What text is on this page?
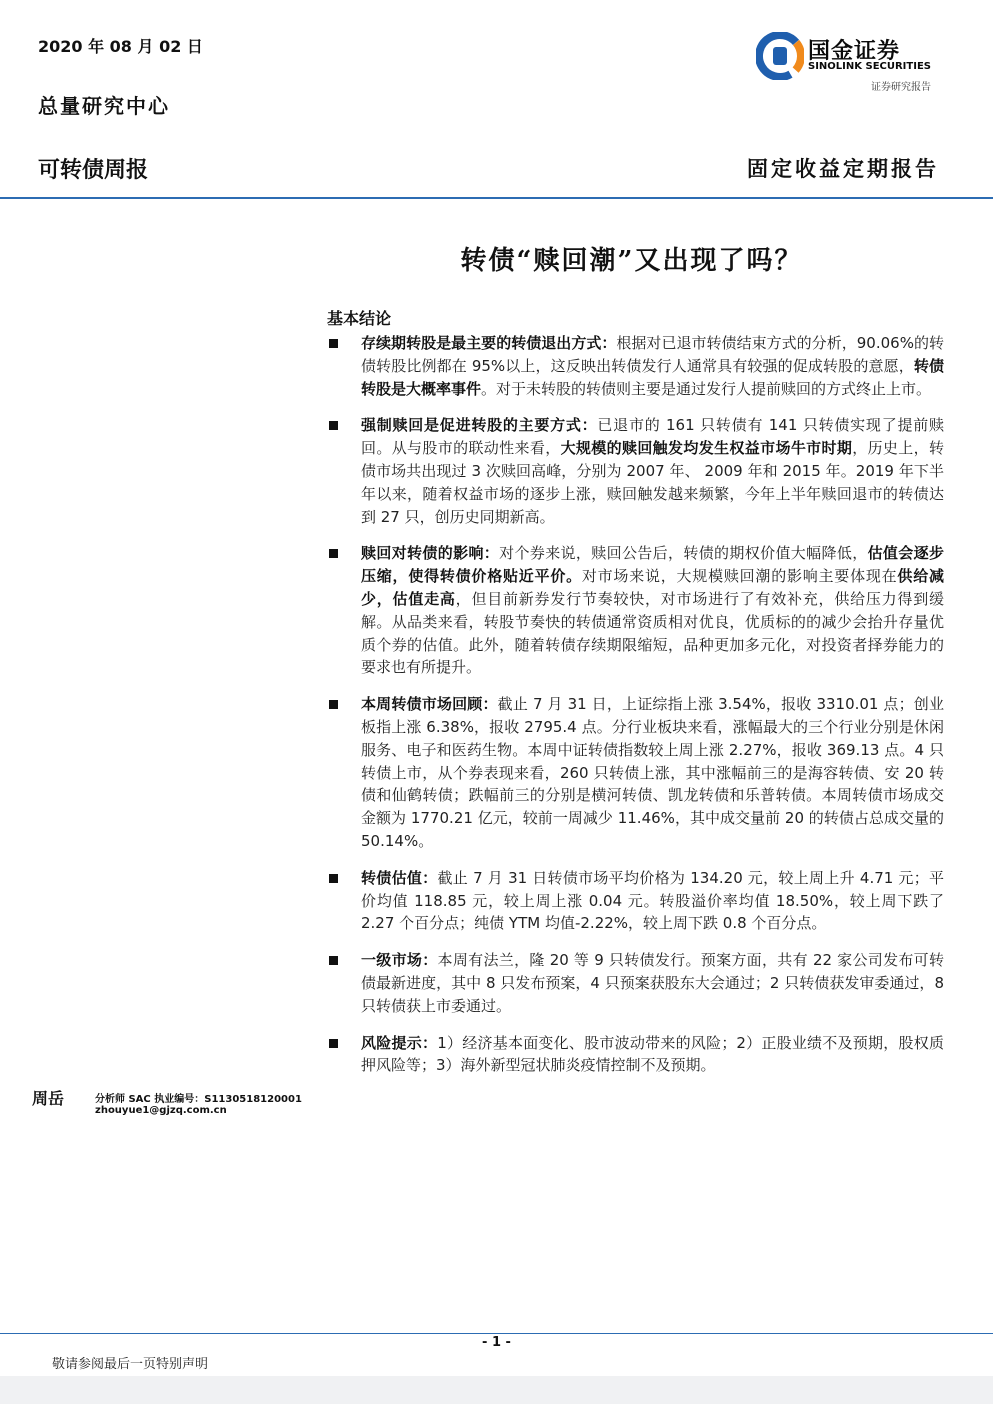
2020 年 08 月 02 日
总量研究中心
国金证券
SINOLINK SECURITIES
证券研究报告
可转债周报	固定收益定期报告
转债“赎回潮”又出现了吗？
基本结论
存续期转股是最主要的转债退出方式：根据对已退市转债结束方式的分析，90.06%的转债转股比例都在 95%以上，这反映出转债发行人通常具有较强的促成转股的意愿，转债转股是大概率事件。对于未转股的转债则主要是通过发行人提前赎回的方式终止上市。
强制赎回是促进转股的主要方式：已退市的 161 只转债有 141 只转债实现了提前赎回。从与股市的联动性来看，大规模的赎回触发均发生权益市场牛市时期，历史上，转债市场共出现过 3 次赎回高峰，分别为 2007 年、 2009 年和 2015 年。2019 年下半年以来，随着权益市场的逐步上涨，赎回触发越来频繁，今年上半年赎回退市的转债达到 27 只，创历史同期新高。
赎回对转债的影响：对个券来说，赎回公告后，转债的期权价值大幅降低，估值会逐步压缩，使得转债价格贴近平价。对市场来说，大规模赎回潮的影响主要体现在供给减少，估值走高，但目前新券发行节奏较快，对市场进行了有效补充，供给压力得到缓解。从品类来看，转股节奏快的转债通常资质相对优良，优质标的的减少会抬升存量优质个券的估值。此外，随着转债存续期限缩短，品种更加多元化，对投资者择券能力的要求也有所提升。
本周转债市场回顾：截止 7 月 31 日，上证综指上涨 3.54%，报收 3310.01 点；创业板指上涨 6.38%，报收 2795.4 点。分行业板块来看，涨幅最大的三个行业分别是休闲服务、电子和医药生物。本周中证转债指数较上周上涨 2.27%，报收 369.13 点。4 只转债上市，从个券表现来看，260 只转债上涨，其中涨幅前三的是海容转债、安 20 转债和仙鹤转债；跌幅前三的分别是横河转债、凯龙转债和乐普转债。本周转债市场成交金额为 1770.21 亿元，较前一周减少 11.46%，其中成交量前 20 的转债占总成交量的 50.14%。
转债估值：截止 7 月 31 日转债市场平均价格为 134.20 元，较上周上升 4.71 元；平价均值 118.85 元，较上周上涨 0.04 元。转股溢价率均值 18.50%，较上周下跌了 2.27 个百分点；纯债 YTM 均值-2.22%，较上周下跌 0.8 个百分点。
一级市场：本周有法兰，隆 20 等 9 只转债发行。预案方面，共有 22 家公司发布可转债最新进度，其中 8 只发布预案，4 只预案获股东大会通过；2 只转债获发审委通过，8 只转债获上市委通过。
风险提示：1）经济基本面变化、股市波动带来的风险；2）正股业绩不及预期，股权质押风险等；3）海外新型冠状肺炎疫情控制不及预期。
周岳	分析师 SAC 执业编号：S1130518120001
zhouyue1@gjzq.com.cn
- 1 -
敬请参阅最后一页特别声明
